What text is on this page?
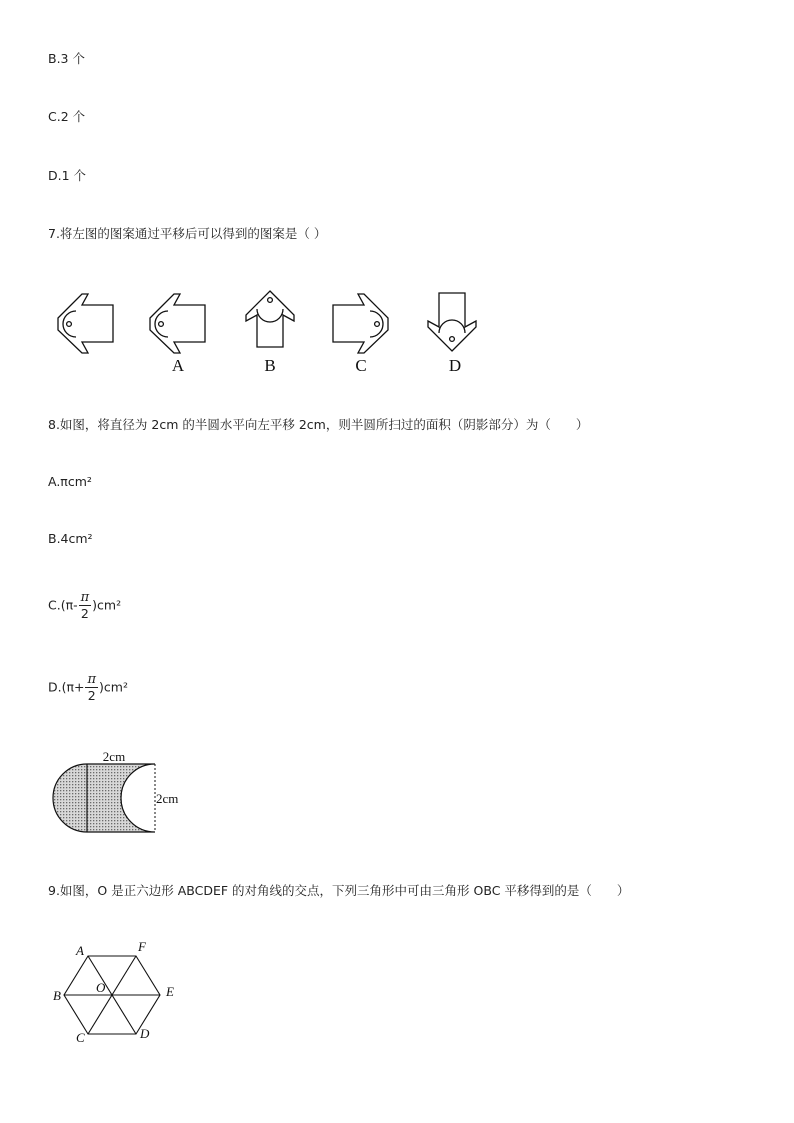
B.3 个
C.2 个
D.1 个
7.将左图的图案通过平移后可以得到的图案是（ ）
A	B	C	D
8.如图，将直径为 2cm 的半圆水平向左平移 2cm，则半圆所扫过的面积（阴影部分）为（　　）
A.πcm²
B.4cm²
$C.(\pi- \frac{\pi}{2} )cm^2$
$D.(\pi+ \frac{\pi}{2} )cm^2$
2cm
2cm
9.如图，O 是正六边形 ABCDEF 的对角线的交点，下列三角形中可由三角形 OBC 平移得到的是（　　）
A	F
B
O	E
C	D
